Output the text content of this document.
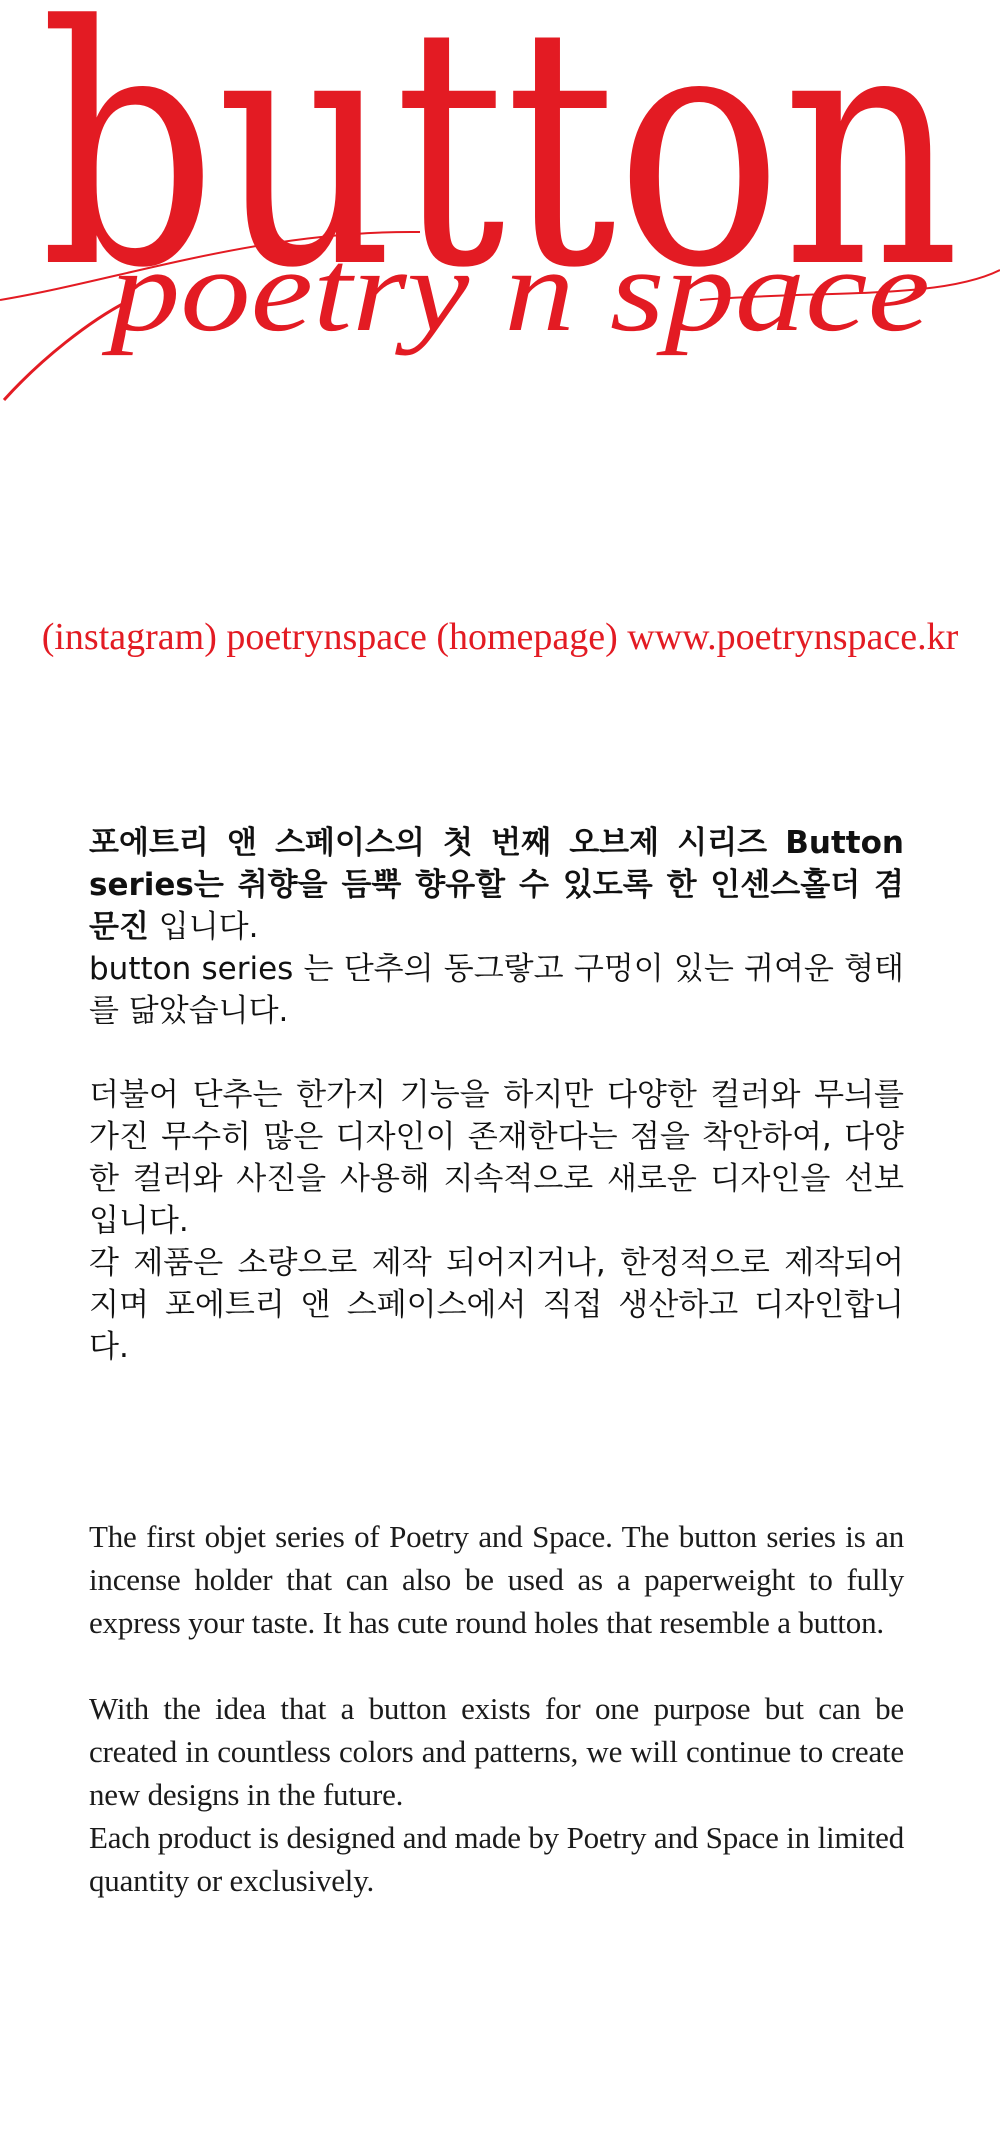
button
poetry n space
(instagram) poetrynspace (homepage) www.poetrynspace.kr

포에트리 앤 스페이스의 첫 번째 오브제 시리즈 Button series는 취향을 듬뿍 향유할 수 있도록 한 인센스홀더 겸 문진 입니다.

button series 는 단추의 동그랗고 구멍이 있는 귀여운 형태를 닮았습니다.

더불어 단추는 한가지 기능을 하지만 다양한 컬러와 무늬를 가진 무수히 많은 디자인이 존재한다는 점을 착안하여, 다양한 컬러와 사진을 사용해 지속적으로 새로운 디자인을 선보입니다.

각 제품은 소량으로 제작 되어지거나, 한정적으로 제작되어지며 포에트리 앤 스페이스에서 직접 생산하고 디자인합니다.

The first objet series of Poetry and Space. The button series is an incense holder that can also be used as a paperweight to fully express your taste. It has cute round holes that resemble a button.

With the idea that a button exists for one purpose but can be created in countless colors and patterns, we will continue to create new designs in the future.

Each product is designed and made by Poetry and Space in limited quantity or exclusively.
